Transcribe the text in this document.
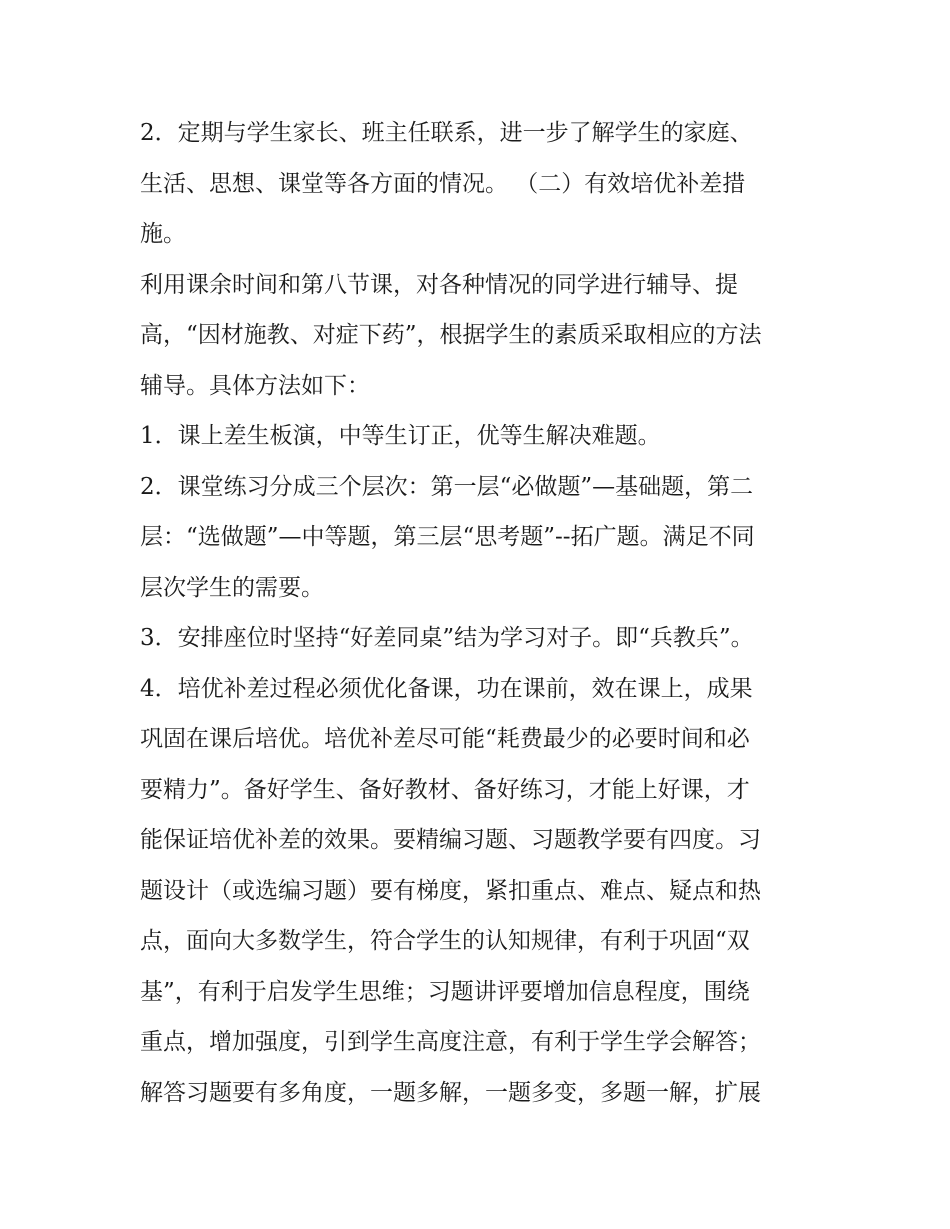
2．定期与学生家长、班主任联系，进一步了解学生的家庭、
生活、思想、课堂等各方面的情况。 （二）有效培优补差措
施。
利用课余时间和第八节课，对各种情况的同学进行辅导、提
高，“因材施教、对症下药”，根据学生的素质采取相应的方法
辅导。具体方法如下：
1．课上差生板演，中等生订正，优等生解决难题。
2．课堂练习分成三个层次：第一层“必做题”—基础题，第二
层：“选做题”—中等题，第三层“思考题”--拓广题。满足不同
层次学生的需要。
3．安排座位时坚持“好差同桌”结为学习对子。即“兵教兵”。
4．培优补差过程必须优化备课，功在课前，效在课上，成果
巩固在课后培优。培优补差尽可能“耗费最少的必要时间和必
要精力”。备好学生、备好教材、备好练习，才能上好课，才
能保证培优补差的效果。要精编习题、习题教学要有四度。习
题设计（或选编习题）要有梯度，紧扣重点、难点、疑点和热
点，面向大多数学生，符合学生的认知规律，有利于巩固“双
基”，有利于启发学生思维；习题讲评要增加信息程度，围绕
重点，增加强度，引到学生高度注意，有利于学生学会解答；
解答习题要有多角度，一题多解，一题多变，多题一解，扩展
